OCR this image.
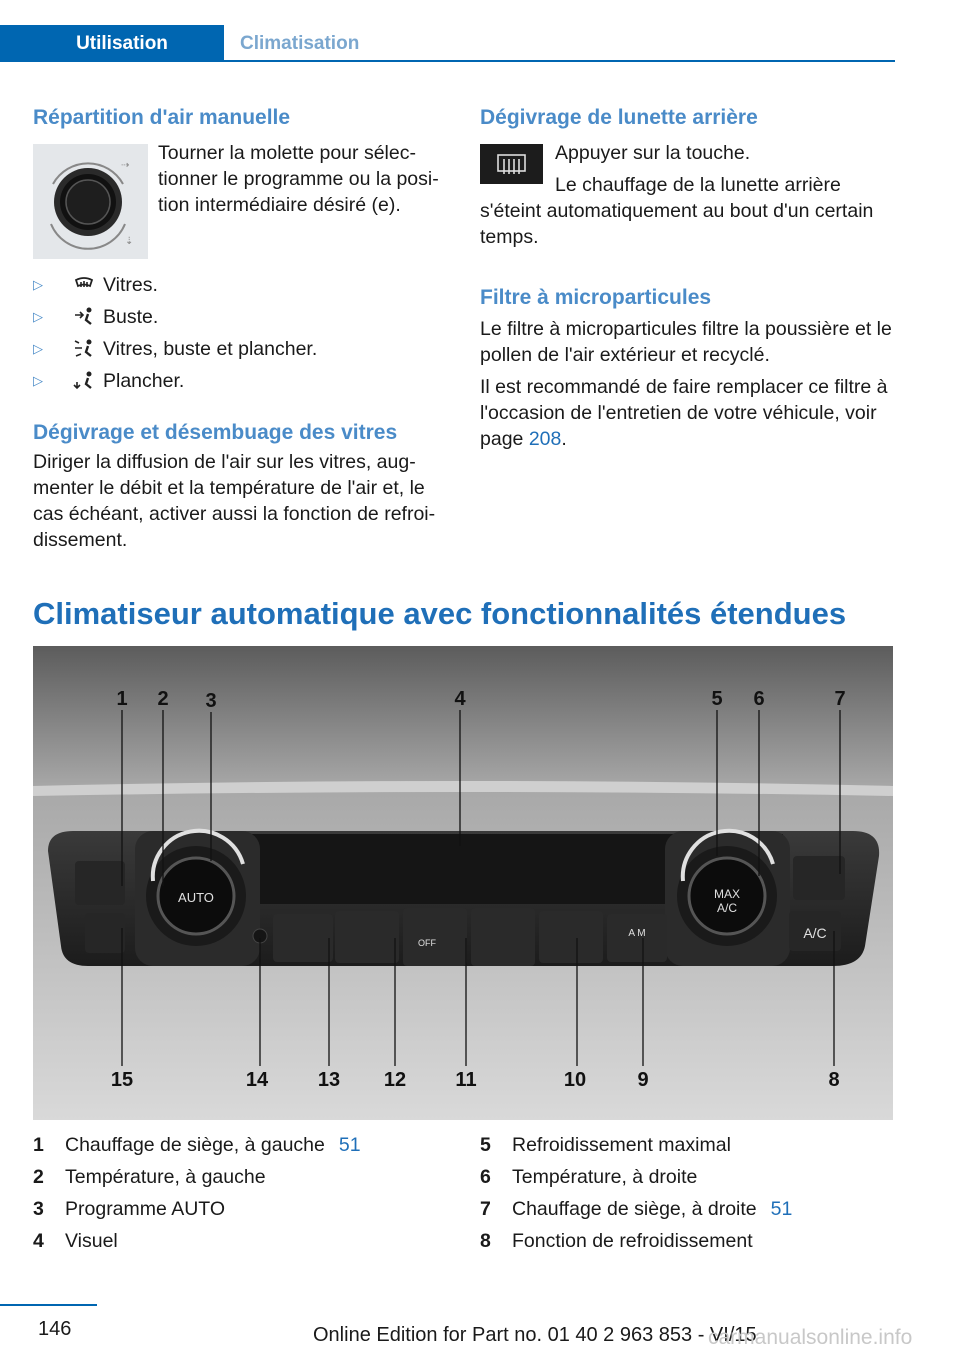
Utilisation	Climatisation
Répartition d'air manuelle
⇢
⇣

Tourner la molette pour sélectionner le programme ou la position intermédiaire désiré (e).

▷	Vitres.
▷	Buste.
▷	Vitres, buste et plancher.
▷	Plancher.
Dégivrage et désembuage des vitres

Diriger la diffusion de l'air sur les vitres, augmenter le débit et la température de l'air et, le cas échéant, activer aussi la fonction de refroidissement.

Dégivrage de lunette arrière

Appuyer sur la touche.

Le chauffage de la lunette arrière s'éteint automatiquement au bout d'un certain temps.

Filtre à microparticules

Le filtre à microparticules filtre la poussière et le pollen de l'air extérieur et recyclé.

Il est recommandé de faire remplacer ce filtre à l'occasion de l'entretien de votre véhicule, voir page 208.

Climatiseur automatique avec fonctionnalités étendues
AUTO	MAX
A/C
A/C
OFF
A M
1 2 3	4	5 6	7
15	14 13 12 11	10	9	8
1	Chauffage de siège, à gauche 51
2	Température, à gauche
3	Programme AUTO
4	Visuel
5	Refroidissement maximal
6	Température, à droite
7	Chauffage de siège, à droite 51
8	Fonction de refroidissement
146	Online Edition for Part no. 01 40 2 963 853 - VI/15
carmanualsonline.info
